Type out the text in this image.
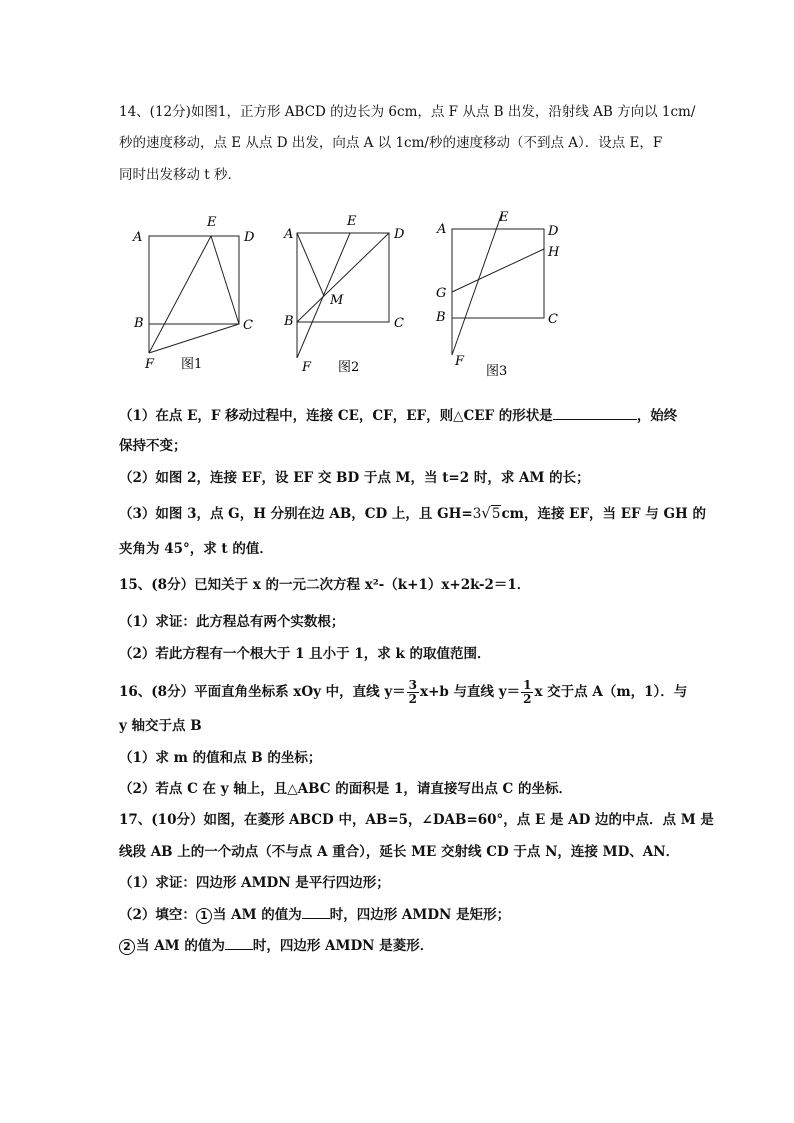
14、(12分)如图1，正方形 ABCD 的边长为 6cm，点 F 从点 B 出发，沿射线 AB 方向以 1cm/
秒的速度移动，点 E 从点 D 出发，向点 A 以 1cm/秒的速度移动（不到点 A）．设点 E，F
同时出发移动 t 秒．
A
E
D
B	C
F 图1
A
E
D
B	C
M
F 图2
A
E
D
H
G
B	C
F
图3
（1）在点 E，F 移动过程中，连接 CE，CF，EF，则△CEF 的形状是	，始终
保持不变；
（2）如图 2，连接 EF，设 EF 交 BD 于点 M，当 t=2 时，求 AM 的长；
（3）如图 3，点 G，H 分别在边 AB，CD 上，且 GH=3√5cm，连接 EF，当 EF 与 GH 的
夹角为 45°，求 t 的值．
15、(8分）已知关于 x 的一元二次方程 x²-（k+1）x+2k-2＝1．
（1）求证：此方程总有两个实数根；
（2）若此方程有一个根大于 1 且小于 1，求 k 的取值范围．
16、(8分）平面直角坐标系 xOy 中，直线 $y= \frac{3}{2} x+b$ 与直线 $y= \frac{1}{2}$ x 交于点 A（m，1）．与
y 轴交于点 B
（1）求 m 的值和点 B 的坐标；
（2）若点 C 在 y 轴上，且△ABC 的面积是 1，请直接写出点 C 的坐标．
17、(10分）如图，在菱形 ABCD 中，AB=5，∠DAB=60°，点 E 是 AD 边的中点．点 M 是
线段 AB 上的一个动点（不与点 A 重合），延长 ME 交射线 CD 于点 N，连接 MD、AN．
（1）求证：四边形 AMDN 是平行四边形；
（2）填空： 1 当 AM 的值为 时，四边形 AMDN 是矩形；
2 当 AM 的值为 时，四边形 AMDN 是菱形．
